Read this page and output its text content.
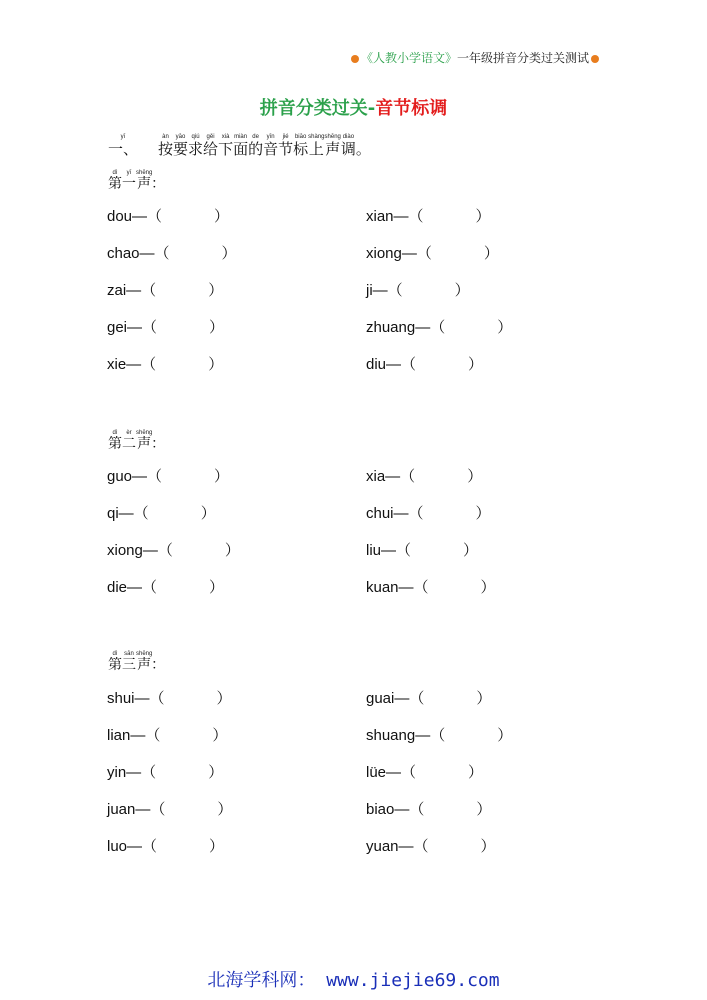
《人教小学语文》一年级拼音分类过关测试
拼音分类过关-音节标调
一、yī按àn要yāo求qiú给gěi下xià面miàn的de音yīn节jié标biāo上shàng声shēng调diào。
第dì一yī声shēng：
第dì二èr声shēng：
第dì三sān声shēng：
dou—（	）	xian—（	）
chao—（	）	xiong—（	）
zai—（	）	ji—（	）
gei—（	）	zhuang—（	）
xie—（	）	diu—（	）
guo—（	）	xia—（	）
qi—（	）	chui—（	）
xiong—（	）	liu—（	）
die—（	）	kuan—（	）
shui—（	）	guai—（	）
lian—（	）	shuang—（	）
yin—（	）	lüe—（	）
juan—（	）	biao—（	）
luo—（	）	yuan—（	）
北海学科网： www.jiejie69.com
